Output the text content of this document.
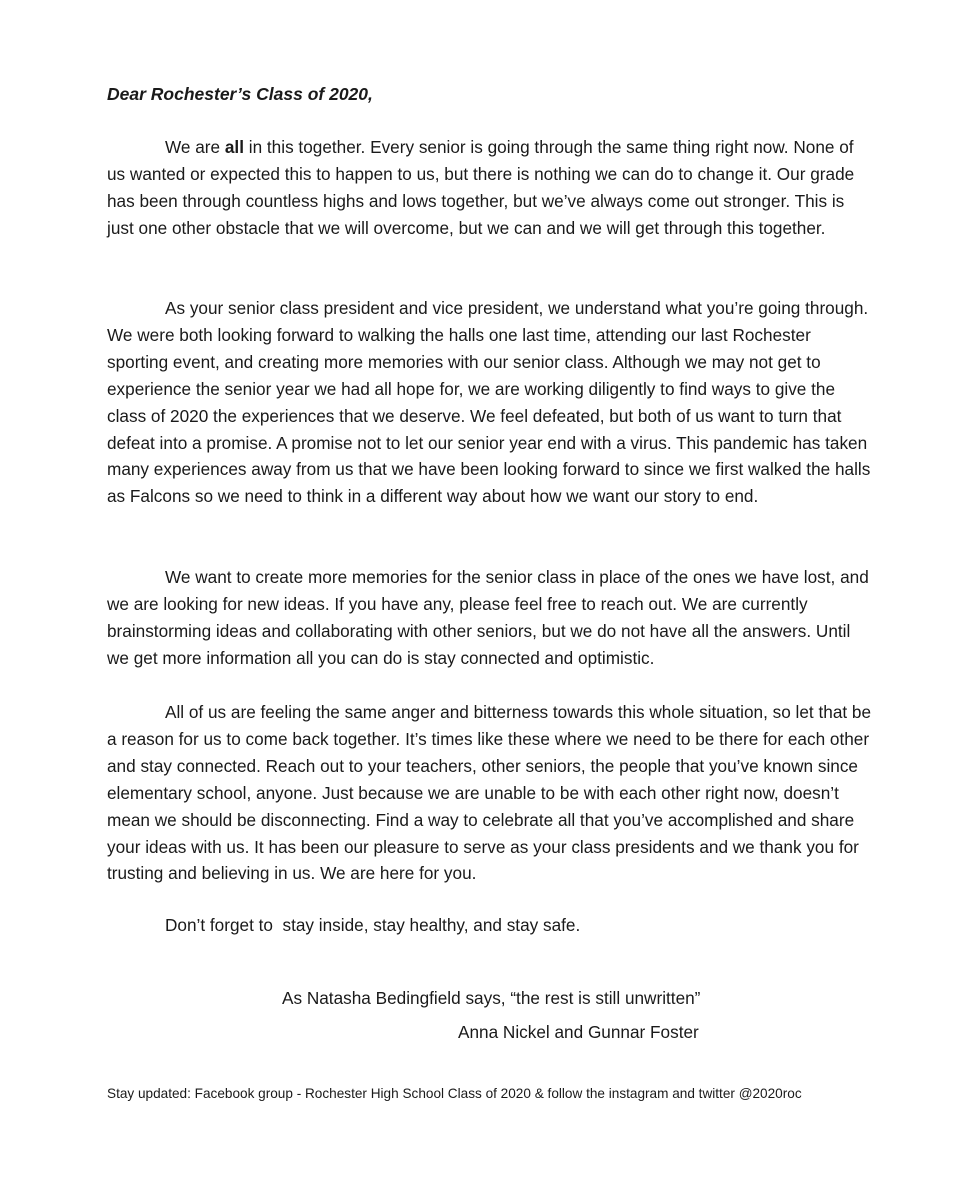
Dear Rochester’s Class of 2020,

We are all in this together. Every senior is going through the same thing right now. None of us wanted or expected this to happen to us, but there is nothing we can do to change it. Our grade has been through countless highs and lows together, but we’ve always come out stronger. This is just one other obstacle that we will overcome, but we can and we will get through this together.

As your senior class president and vice president, we understand what you’re going through. We were both looking forward to walking the halls one last time, attending our last Rochester sporting event, and creating more memories with our senior class. Although we may not get to experience the senior year we had all hope for, we are working diligently to find ways to give the class of 2020 the experiences that we deserve. We feel defeated, but both of us want to turn that defeat into a promise. A promise not to let our senior year end with a virus. This pandemic has taken many experiences away from us that we have been looking forward to since we first walked the halls as Falcons so we need to think in a different way about how we want our story to end.

We want to create more memories for the senior class in place of the ones we have lost, and we are looking for new ideas. If you have any, please feel free to reach out. We are currently brainstorming ideas and collaborating with other seniors, but we do not have all the answers. Until we get more information all you can do is stay connected and optimistic.

All of us are feeling the same anger and bitterness towards this whole situation, so let that be a reason for us to come back together. It’s times like these where we need to be there for each other and stay connected. Reach out to your teachers, other seniors, the people that you’ve known since elementary school, anyone. Just because we are unable to be with each other right now, doesn’t mean we should be disconnecting. Find a way to celebrate all that you’ve accomplished and share your ideas with us. It has been our pleasure to serve as your class presidents and we thank you for trusting and believing in us. We are here for you.

Don’t forget to  stay inside, stay healthy, and stay safe.

As Natasha Bedingfield says, “the rest is still unwritten”

Anna Nickel and Gunnar Foster

Stay updated: Facebook group - Rochester High School Class of 2020 & follow the instagram and twitter @2020roc
